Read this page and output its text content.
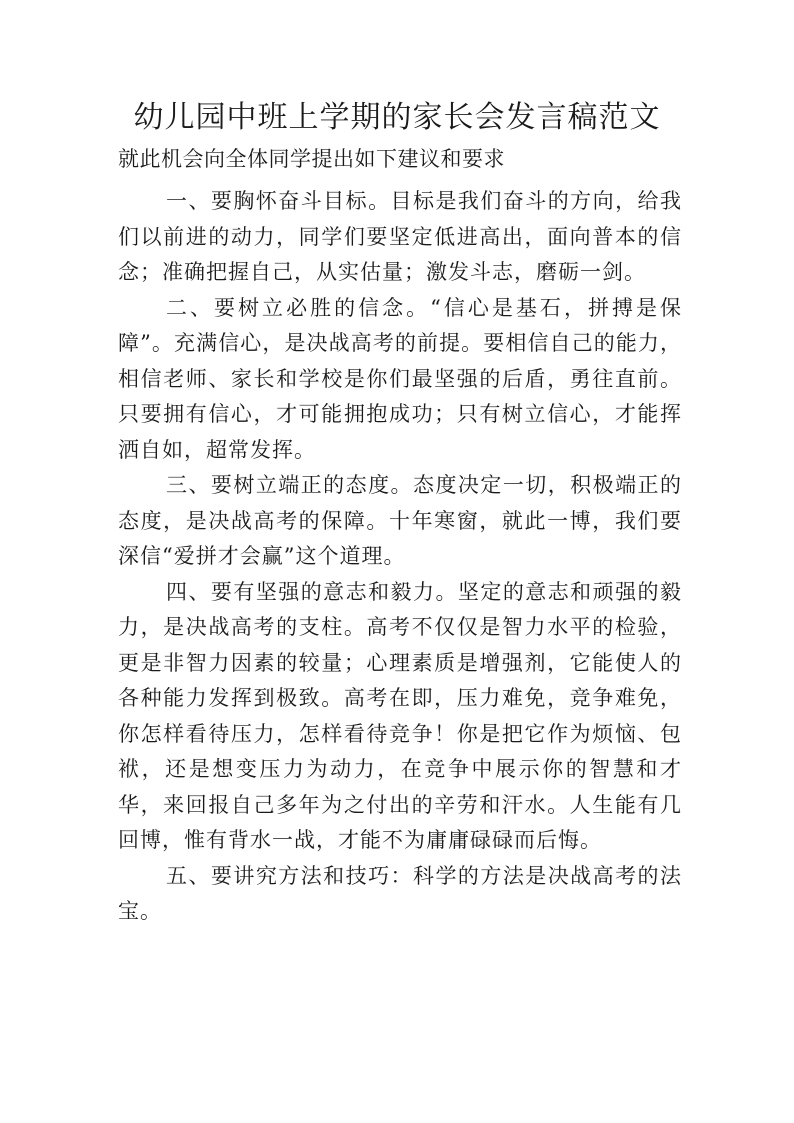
幼儿园中班上学期的家长会发言稿范文

就此机会向全体同学提出如下建议和要求

一、要胸怀奋斗目标。目标是我们奋斗的方向，给我们以前进的动力，同学们要坚定低进高出，面向普本的信念；准确把握自己，从实估量；激发斗志，磨砺一剑。

二、要树立必胜的信念。“信心是基石，拼搏是保障”。充满信心，是决战高考的前提。要相信自己的能力，相信老师、家长和学校是你们最坚强的后盾，勇往直前。只要拥有信心，才可能拥抱成功；只有树立信心，才能挥洒自如，超常发挥。

三、要树立端正的态度。态度决定一切，积极端正的态度，是决战高考的保障。十年寒窗，就此一博，我们要深信“爱拼才会赢”这个道理。

四、要有坚强的意志和毅力。坚定的意志和顽强的毅力，是决战高考的支柱。高考不仅仅是智力水平的检验，更是非智力因素的较量；心理素质是增强剂，它能使人的各种能力发挥到极致。高考在即，压力难免，竞争难免，你怎样看待压力，怎样看待竞争！你是把它作为烦恼、包袱，还是想变压力为动力，在竞争中展示你的智慧和才华，来回报自己多年为之付出的辛劳和汗水。人生能有几回博，惟有背水一战，才能不为庸庸碌碌而后悔。

五、要讲究方法和技巧：科学的方法是决战高考的法宝。
